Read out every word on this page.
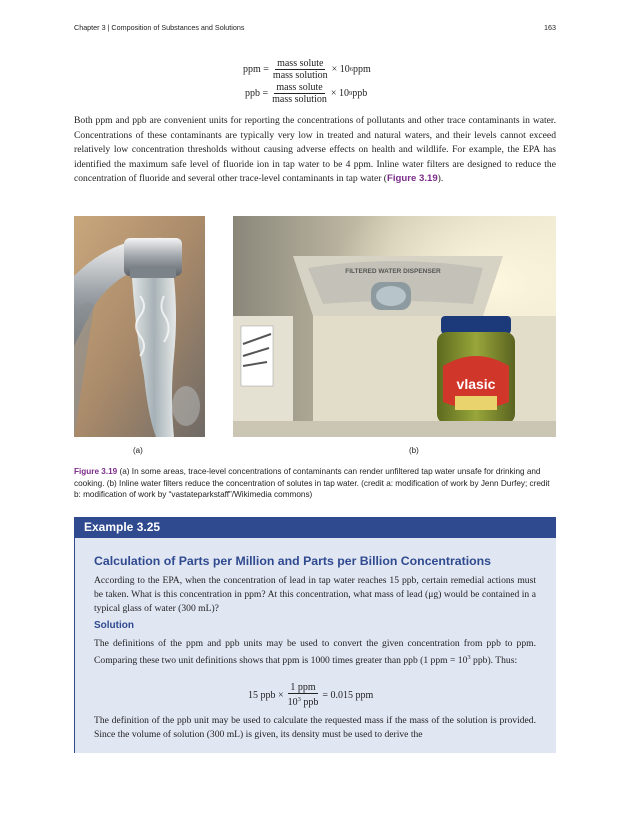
Chapter 3 | Composition of Substances and Solutions	163
ppm = $\frac{\text{mass solute}}{\text{mass solution}} \times 10$ 6 ppm
ppb = $\frac{\text{mass solute}}{\text{mass solution}} \times 10$ 9 ppb
Both ppm and ppb are convenient units for reporting the concentrations of pollutants and other trace contaminants in water. Concentrations of these contaminants are typically very low in treated and natural waters, and their levels cannot exceed relatively low concentration thresholds without causing adverse effects on health and wildlife. For example, the EPA has identified the maximum safe level of fluoride ion in tap water to be 4 ppm. Inline water filters are designed to reduce the concentration of fluoride and several other trace-level contaminants in tap water (Figure 3.19).
FILTERED WATER DISPENSER
vlasic
(a)	(b)
Figure 3.19 (a) In some areas, trace-level concentrations of contaminants can render unfiltered tap water unsafe for drinking and cooking. (b) Inline water filters reduce the concentration of solutes in tap water. (credit a: modification of work by Jenn Durfey; credit b: modification of work by “vastateparkstaff”/Wikimedia commons)
Example 3.25
Calculation of Parts per Million and Parts per Billion Concentrations
According to the EPA, when the concentration of lead in tap water reaches 15 ppb, certain remedial actions must be taken. What is this concentration in ppm? At this concentration, what mass of lead (μg) would be contained in a typical glass of water (300 mL)?
Solution
The definitions of the ppm and ppb units may be used to convert the given concentration from ppb to ppm. Comparing these two unit definitions shows that ppm is 1000 times greater than ppb (1 ppm = $10^3$ ppb). Thus:
15 ppb × $\frac{\text{1 ppm}}{10^3 ppb} = 0.015$ ppm
The definition of the ppb unit may be used to calculate the requested mass if the mass of the solution is provided. Since the volume of solution (300 mL) is given, its density must be used to derive the
